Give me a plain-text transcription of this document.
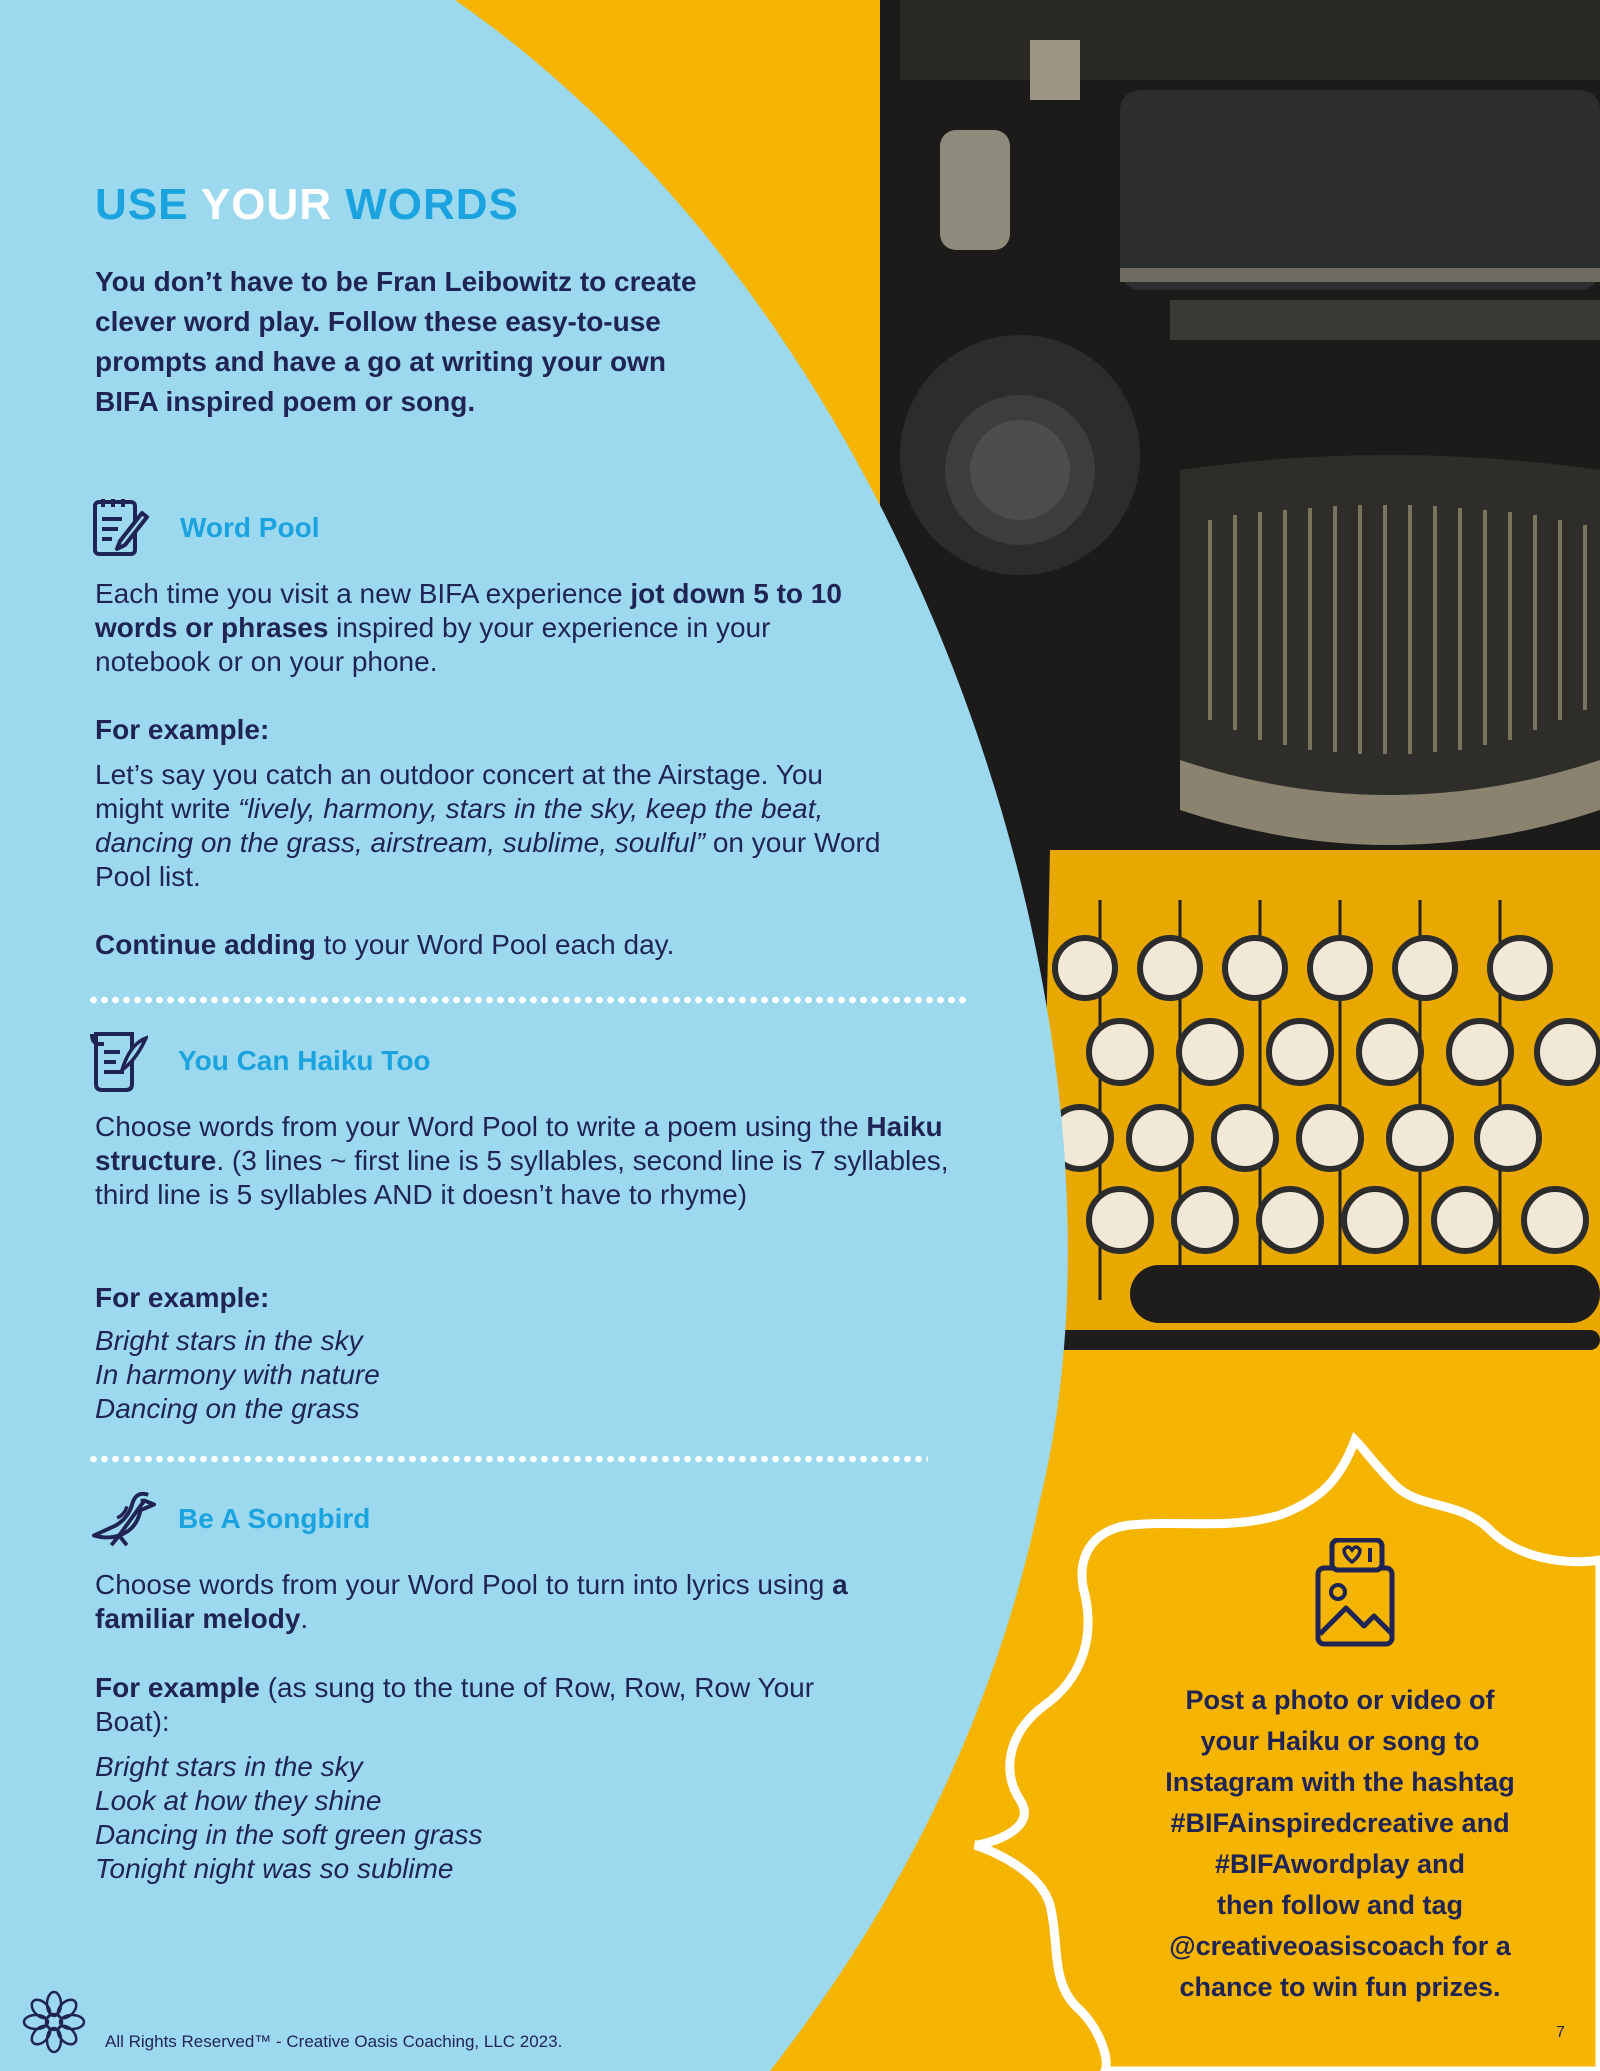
USE YOUR WORDS
You don’t have to be Fran Leibowitz to create clever word play. Follow these easy-to-use prompts and have a go at writing your own BIFA inspired poem or song.
Word Pool
Each time you visit a new BIFA experience jot down 5 to 10 words or phrases inspired by your experience in your notebook or on your phone.
For example:
Let’s say you catch an outdoor concert at the Airstage. You might write “lively, harmony, stars in the sky, keep the beat, dancing on the grass, airstream, sublime, soulful” on your Word Pool list.
Continue adding to your Word Pool each day.
You Can Haiku Too
Choose words from your Word Pool to write a poem using the Haiku structure. (3 lines ~ first line is 5 syllables, second line is 7 syllables, third line is 5 syllables AND it doesn’t have to rhyme)
For example:
Bright stars in the sky
In harmony with nature
Dancing on the grass
Be A Songbird
Choose words from your Word Pool to turn into lyrics using a familiar melody.
For example (as sung to the tune of Row, Row, Row Your Boat):
Bright stars in the sky
Look at how they shine
Dancing in the soft green grass
Tonight night was so sublime
Post a photo or video of
your Haiku or song to
Instagram with the hashtag
#BIFAinspiredcreative and
#BIFAwordplay and
then follow and tag
@creativeoasiscoach for a
chance to win fun prizes.
All Rights Reserved™ - Creative Oasis Coaching, LLC 2023.	7
